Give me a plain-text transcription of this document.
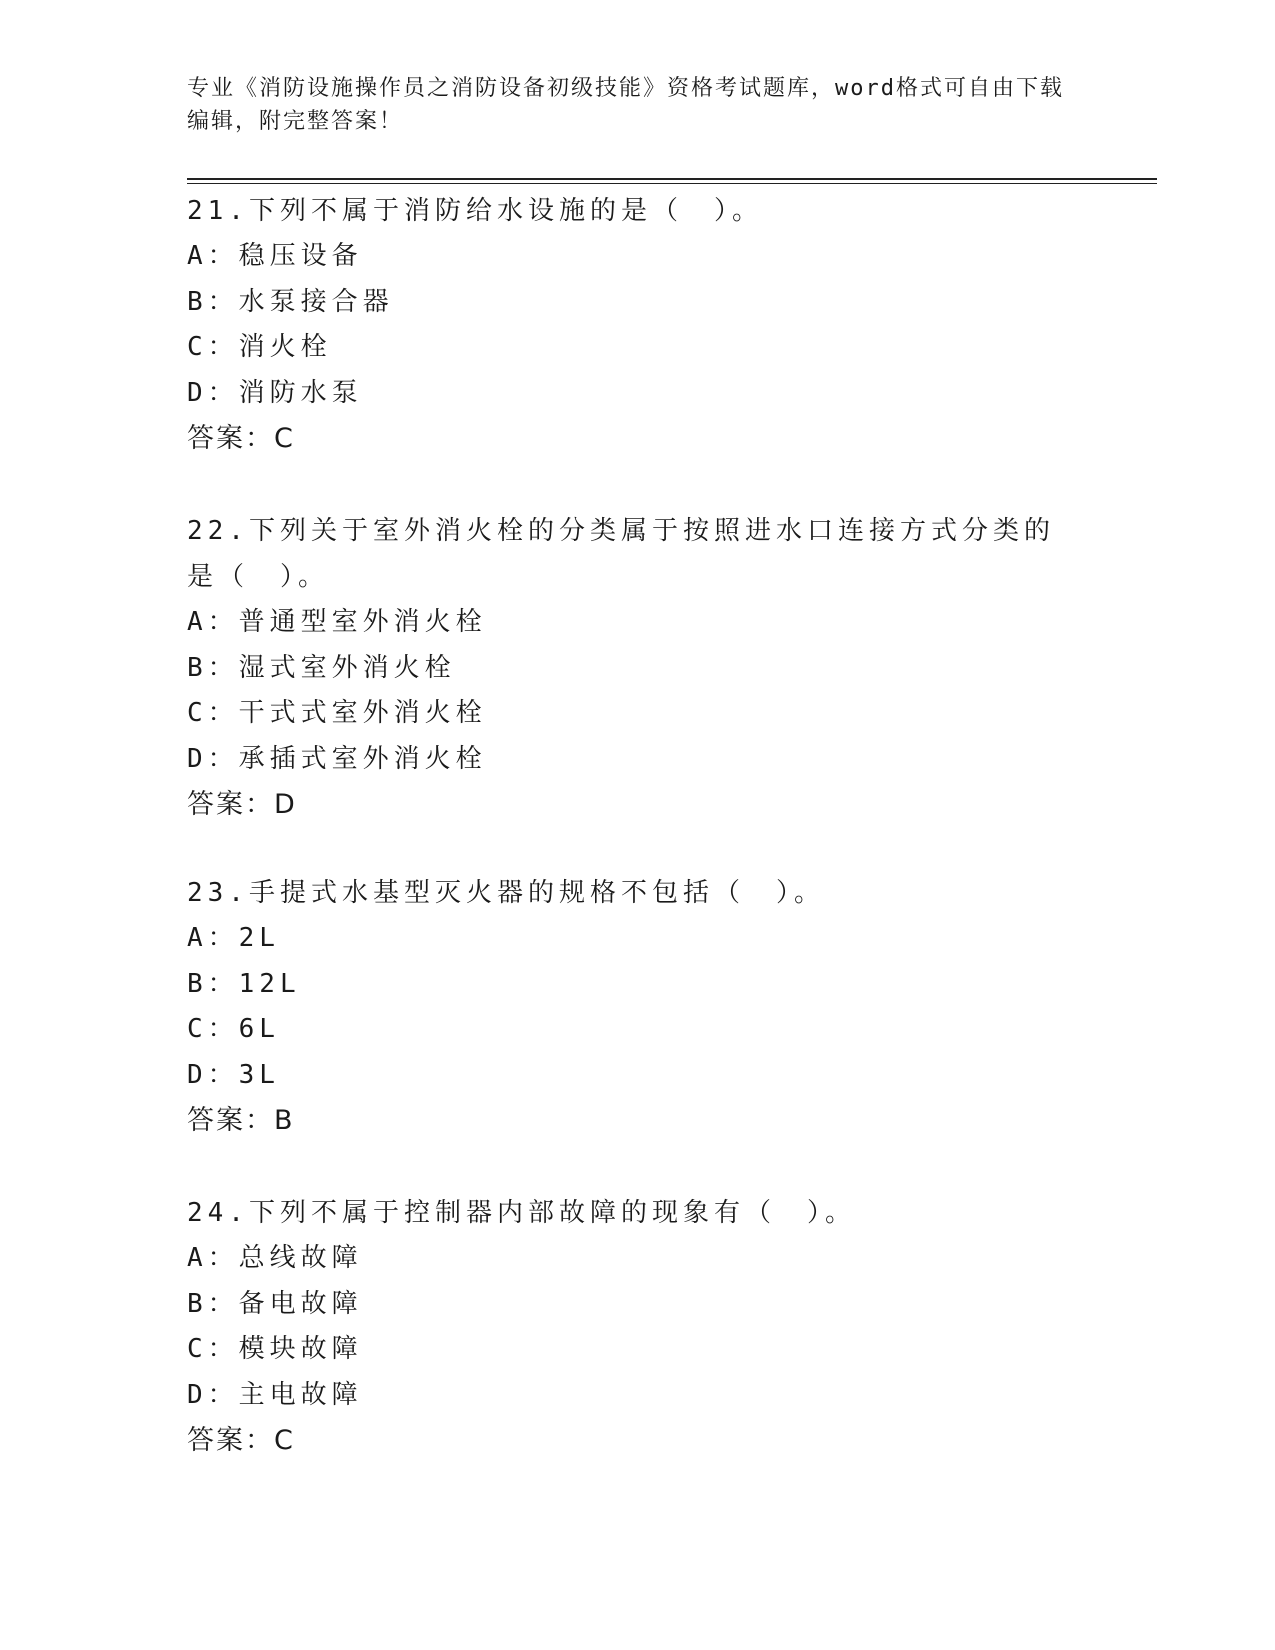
专业《消防设施操作员之消防设备初级技能》资格考试题库，word格式可自由下载编辑，附完整答案！

21.下列不属于消防给水设施的是（　）。

A：稳压设备

B：水泵接合器

C：消火栓

D：消防水泵

答案：C

22.下列关于室外消火栓的分类属于按照进水口连接方式分类的是（　）。

A：普通型室外消火栓

B：湿式室外消火栓

C：干式式室外消火栓

D：承插式室外消火栓

答案：D

23.手提式水基型灭火器的规格不包括（　）。

A：2L

B：12L

C：6L

D：3L

答案：B

24.下列不属于控制器内部故障的现象有（　）。

A：总线故障

B：备电故障

C：模块故障

D：主电故障

答案：C
